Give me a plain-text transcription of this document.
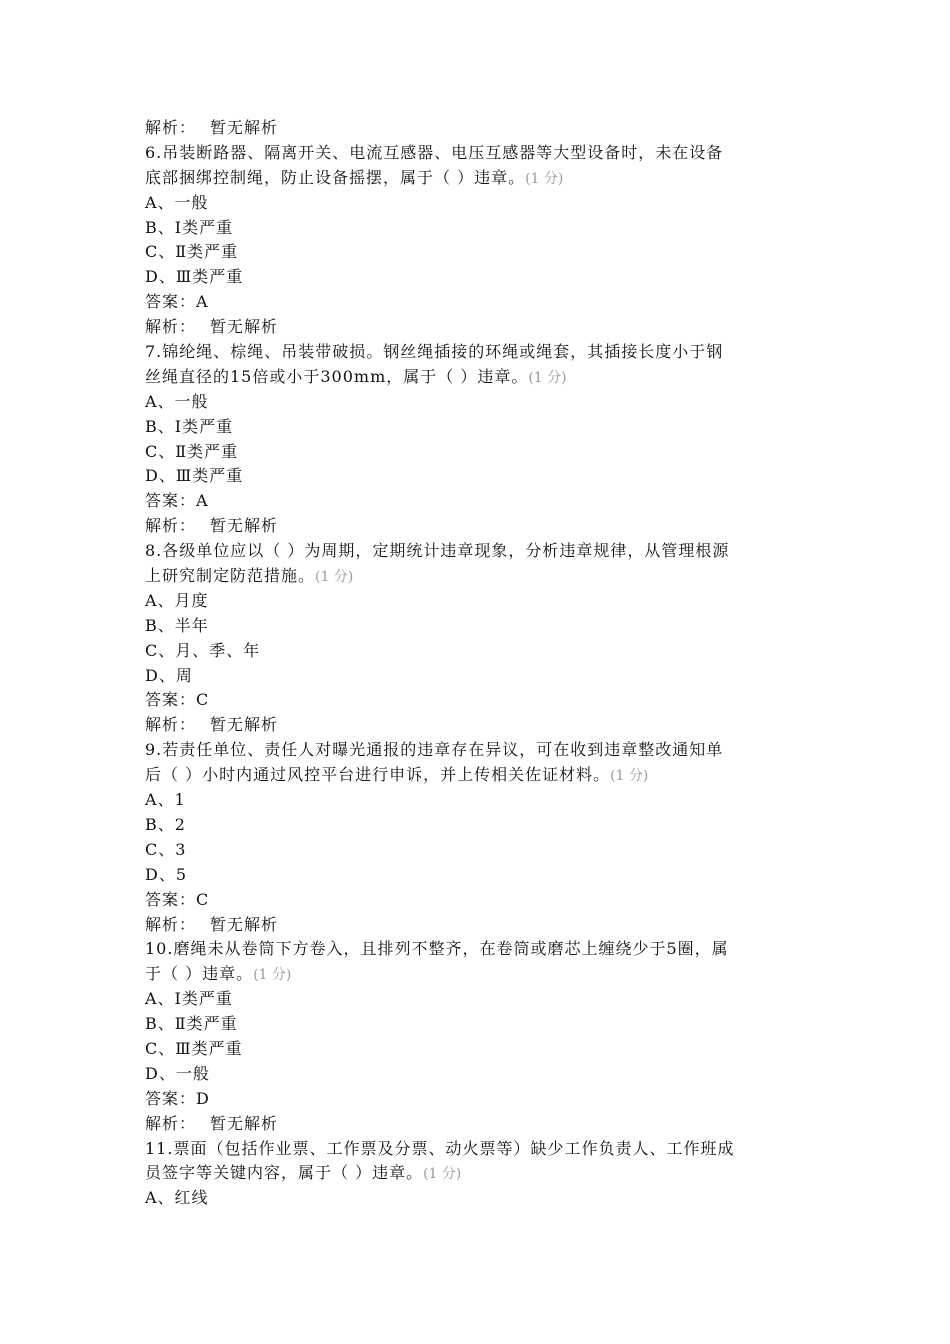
解析： 暂无解析
6.吊装断路器、隔离开关、电流互感器、电压互感器等大型设备时，未在设备
底部捆绑控制绳，防止设备摇摆，属于（ ）违章。(1 分)
A、一般
B、Ⅰ类严重
C、Ⅱ类严重
D、Ⅲ类严重
答案：A
解析： 暂无解析
7.锦纶绳、棕绳、吊装带破损。钢丝绳插接的环绳或绳套，其插接长度小于钢
丝绳直径的15倍或小于300mm，属于（ ）违章。(1 分)
A、一般
B、Ⅰ类严重
C、Ⅱ类严重
D、Ⅲ类严重
答案：A
解析： 暂无解析
8.各级单位应以（ ）为周期，定期统计违章现象，分析违章规律，从管理根源
上研究制定防范措施。(1 分)
A、月度
B、半年
C、月、季、年
D、周
答案：C
解析： 暂无解析
9.若责任单位、责任人对曝光通报的违章存在异议，可在收到违章整改通知单
后（ ）小时内通过风控平台进行申诉，并上传相关佐证材料。(1 分)
A、1
B、2
C、3
D、5
答案：C
解析： 暂无解析
10.磨绳未从卷筒下方卷入，且排列不整齐，在卷筒或磨芯上缠绕少于5圈，属
于（ ）违章。(1 分)
A、Ⅰ类严重
B、Ⅱ类严重
C、Ⅲ类严重
D、一般
答案：D
解析： 暂无解析
11.票面（包括作业票、工作票及分票、动火票等）缺少工作负责人、工作班成
员签字等关键内容，属于（ ）违章。(1 分)
A、红线
